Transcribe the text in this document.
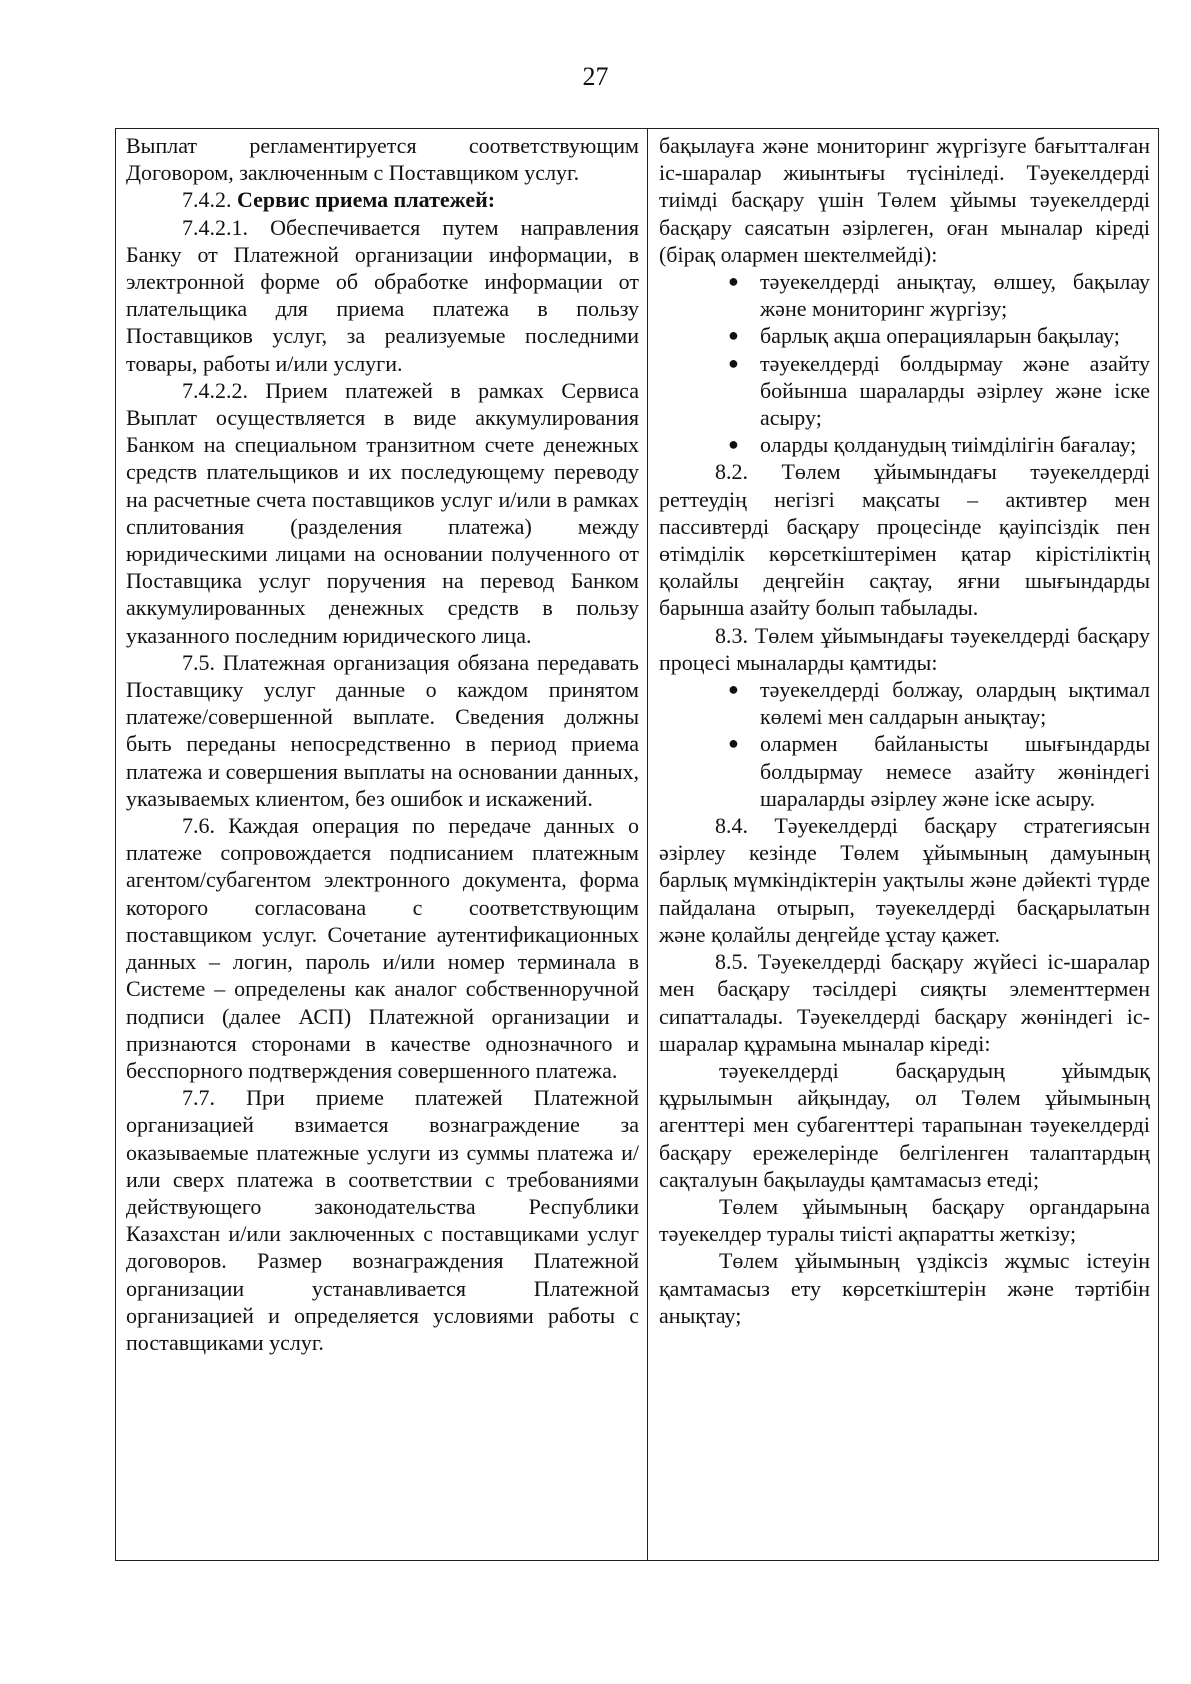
27

Выплат регламентируется соответствующим Договором, заключенным с Поставщиком услуг.

7.4.2. Сервис приема платежей:

7.4.2.1. Обеспечивается путем направления Банку от Платежной организации информации, в электронной форме об обработке информации от плательщика для приема платежа в пользу Поставщиков услуг, за реализуемые последними товары, работы и/или услуги.

7.4.2.2. Прием платежей в рамках Сервиса Выплат осуществляется в виде аккумулирования Банком на специальном транзитном счете денежных средств плательщиков и их последующему переводу на расчетные счета поставщиков услуг и/или в рамках сплитования (разделения платежа) между юридическими лицами на основании полученного от Поставщика услуг поручения на перевод Банком аккумулированных денежных средств в пользу указанного последним юридического лица.

7.5. Платежная организация обязана передавать Поставщику услуг данные о каждом принятом платеже/совершенной выплате. Сведения должны быть переданы непосредственно в период приема платежа и совершения выплаты на основании данных, указываемых клиентом, без ошибок и искажений.

7.6. Каждая операция по передаче данных о платеже сопровождается подписанием платежным агентом/субагентом электронного документа, форма которого согласована с соответствующим поставщиком услуг. Сочетание аутентификационных данных – логин, пароль и/или номер терминала в Системе – определены как аналог собственноручной подписи (далее АСП) Платежной организации и признаются сторонами в качестве однозначного и бесспорного подтверждения совершенного платежа.

7.7. При приеме платежей Платежной организацией взимается вознаграждение за оказываемые платежные услуги из суммы платежа и/или сверх платежа в соответствии с требованиями действующего законодательства Республики Казахстан и/или заключенных с поставщиками услуг договоров. Размер вознаграждения Платежной организации устанавливается Платежной организацией и определяется условиями работы с поставщиками услуг.

бақылауға және мониторинг жүргізуге бағытталған іс-шаралар жиынтығы түсініледі. Тәуекелдерді тиімді басқару үшін Төлем ұйымы тәуекелдерді басқару саясатын әзірлеген, оған мыналар кіреді (бірақ олармен шектелмейді):

● тәуекелдерді анықтау, өлшеу, бақылау және мониторинг жүргізу;
● барлық ақша операцияларын бақылау;
● тәуекелдерді болдырмау және азайту бойынша шараларды әзірлеу және іске асыру;
● оларды қолданудың тиімділігін бағалау;

8.2. Төлем ұйымындағы тәуекелдерді реттеудің негізгі мақсаты – активтер мен пассивтерді басқару процесінде қауіпсіздік пен өтімділік көрсеткіштерімен қатар кірістіліктің қолайлы деңгейін сақтау, яғни шығындарды барынша азайту болып табылады.

8.3. Төлем ұйымындағы тәуекелдерді басқару процесі мыналарды қамтиды:

● тәуекелдерді болжау, олардың ықтимал көлемі мен салдарын анықтау;
● олармен байланысты шығындарды болдырмау немесе азайту жөніндегі шараларды әзірлеу және іске асыру.

8.4. Тәуекелдерді басқару стратегиясын әзірлеу кезінде Төлем ұйымының дамуының барлық мүмкіндіктерін уақтылы және дәйекті түрде пайдалана отырып, тәуекелдерді басқарылатын және қолайлы деңгейде ұстау қажет.

8.5. Тәуекелдерді басқару жүйесі іс-шаралар мен басқару тәсілдері сияқты элементтермен сипатталады. Тәуекелдерді басқару жөніндегі іс-шаралар құрамына мыналар кіреді:

тәуекелдерді басқарудың ұйымдық құрылымын айқындау, ол Төлем ұйымының агенттері мен субагенттері тарапынан тәуекелдерді басқару ережелерінде белгіленген талаптардың сақталуын бақылауды қамтамасыз етеді;

Төлем ұйымының басқару органдарына тәуекелдер туралы тиісті ақпаратты жеткізу;

Төлем ұйымының үздіксіз жұмыс істеуін қамтамасыз ету көрсеткіштерін және тәртібін анықтау;
